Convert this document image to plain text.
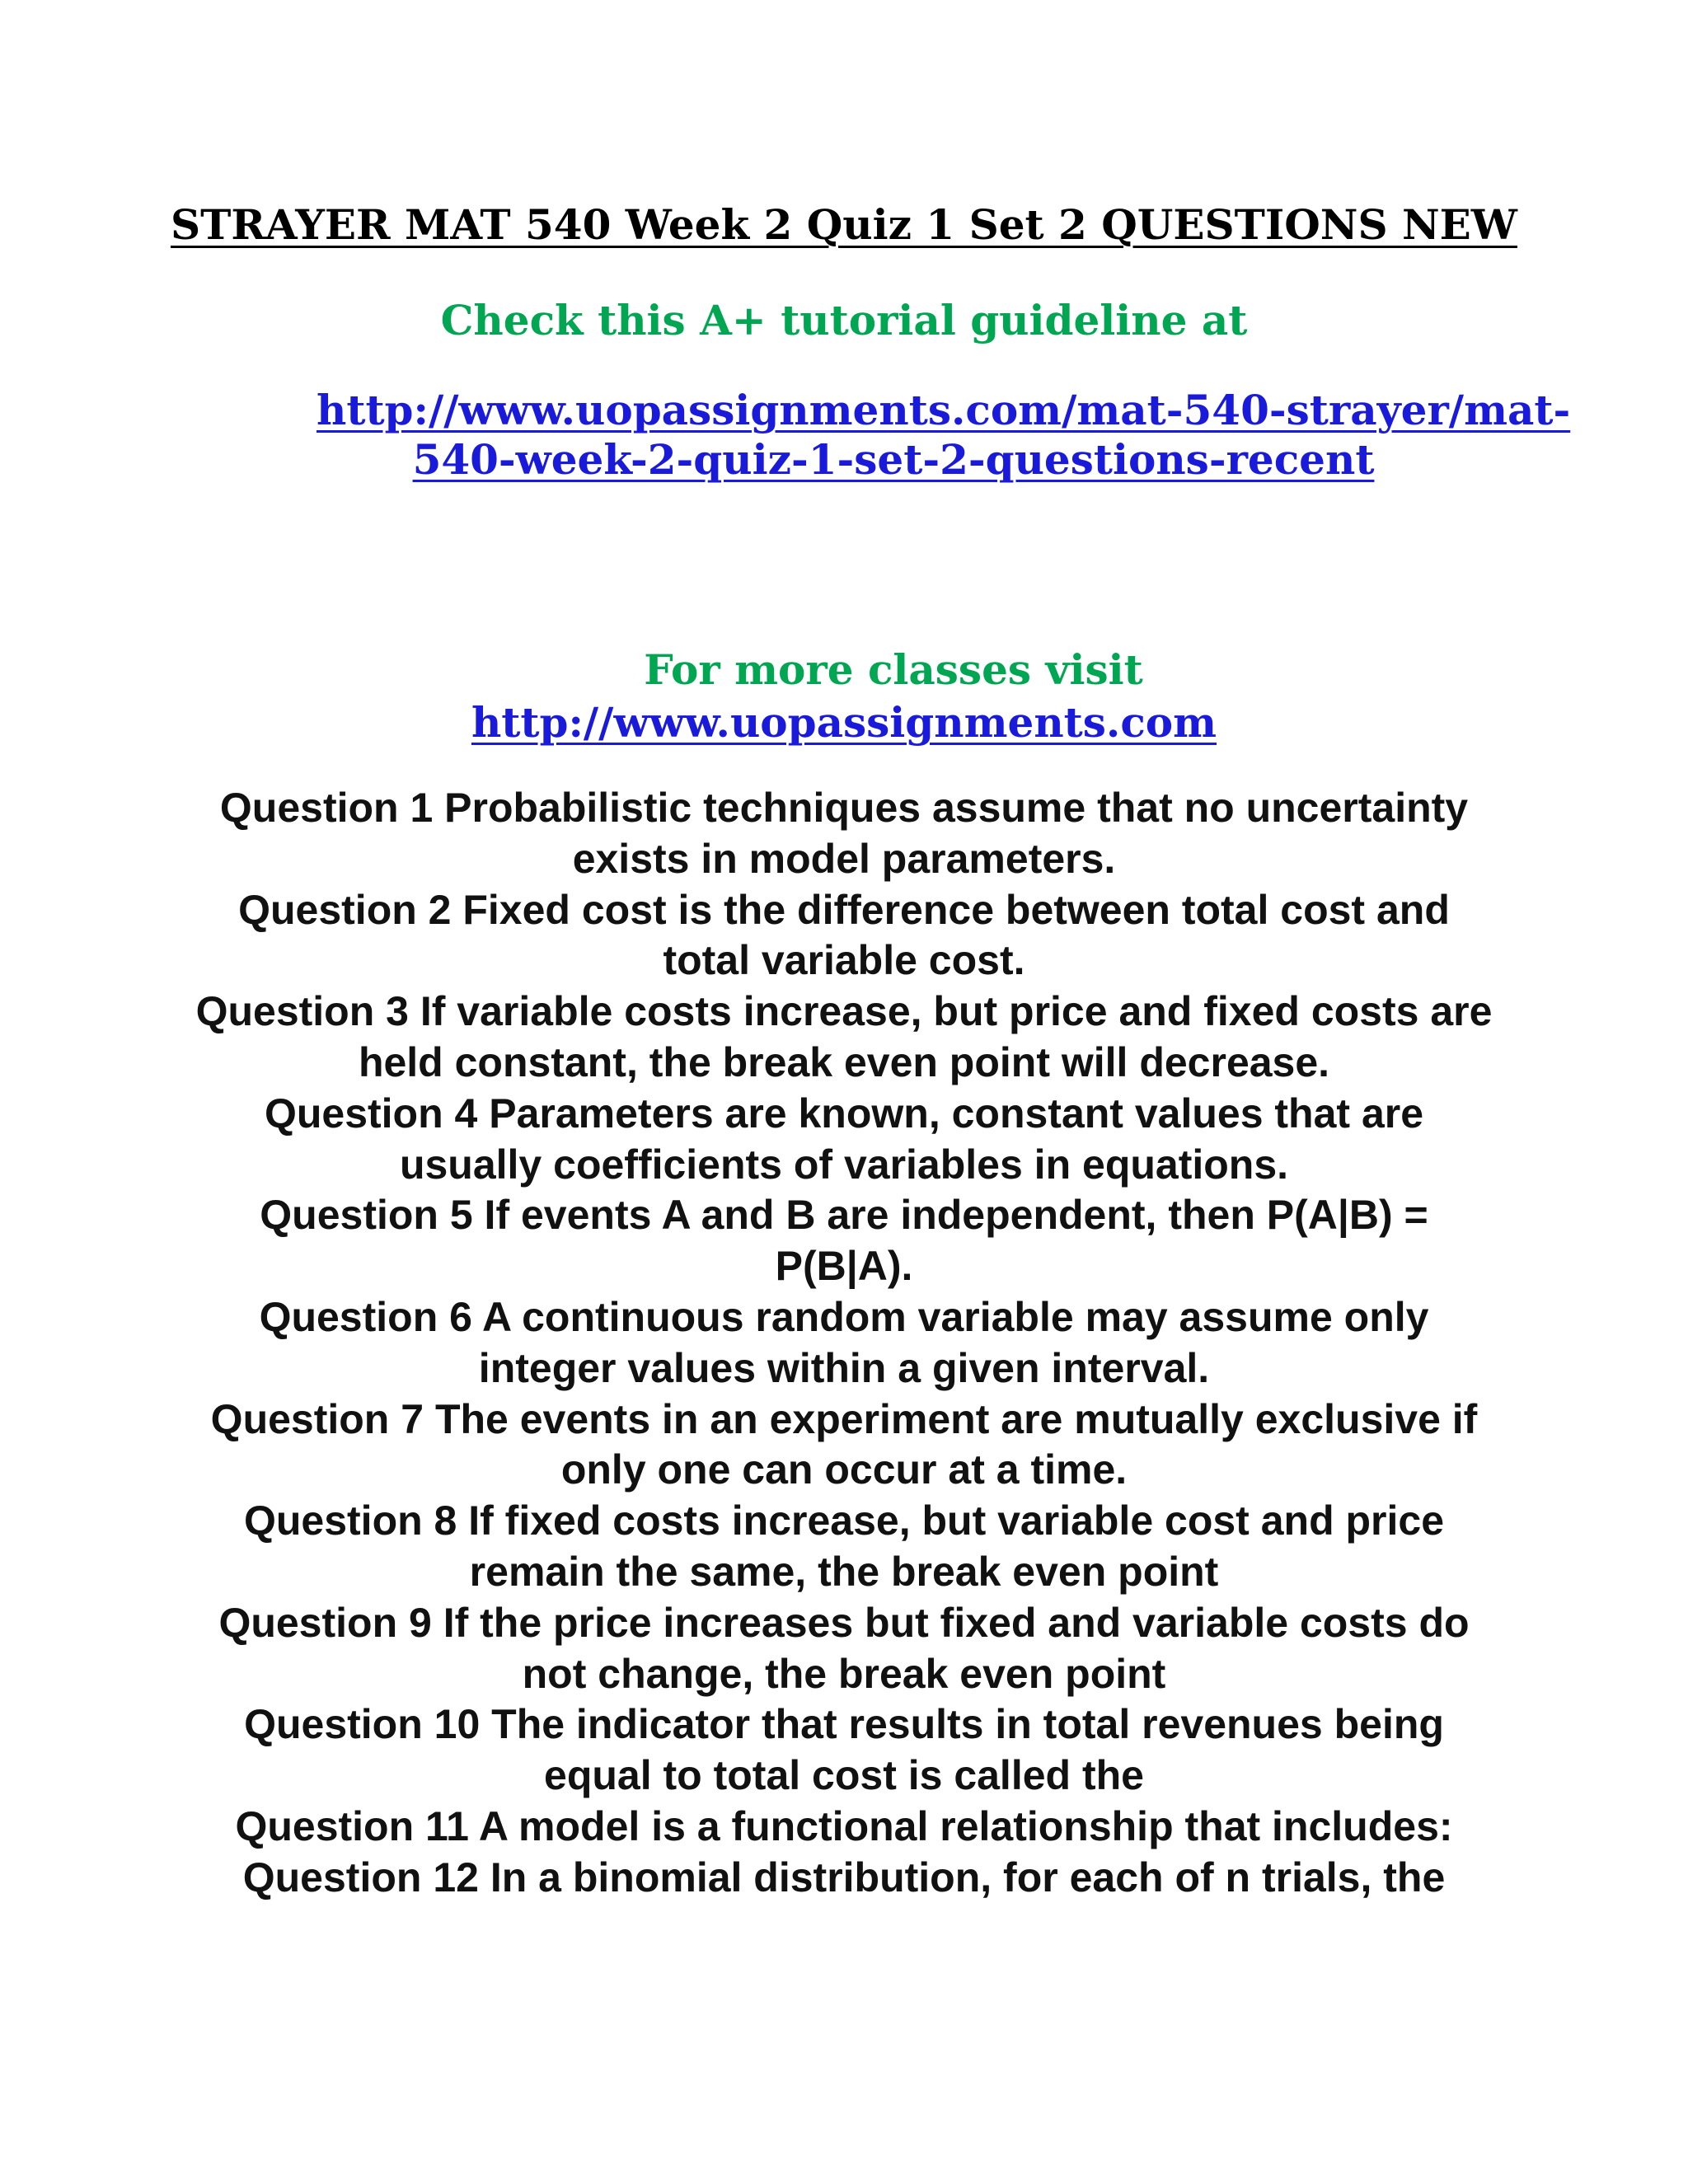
STRAYER MAT 540 Week 2 Quiz 1 Set 2 QUESTIONS NEW
Check this A+ tutorial guideline at
http://www.uopassignments.com/mat-540-strayer/mat-
540-week-2-quiz-1-set-2-questions-recent
For more classes visit
http://www.uopassignments.com
Question 1 Probabilistic techniques assume that no uncertainty exists in model parameters.
Question 2 Fixed cost is the difference between total cost and total variable cost.
Question 3 If variable costs increase, but price and fixed costs are held constant, the break even point will decrease.
Question 4 Parameters are known, constant values that are usually coefficients of variables in equations.
Question 5 If events A and B are independent, then P(A|B) = P(B|A).
Question 6 A continuous random variable may assume only integer values within a given interval.
Question 7 The events in an experiment are mutually exclusive if only one can occur at a time.
Question 8 If fixed costs increase, but variable cost and price remain the same, the break even point
Question 9 If the price increases but fixed and variable costs do not change, the break even point
Question 10 The indicator that results in total revenues being equal to total cost is called the
Question 11 A model is a functional relationship that includes:
Question 12 In a binomial distribution, for each of n trials, the
